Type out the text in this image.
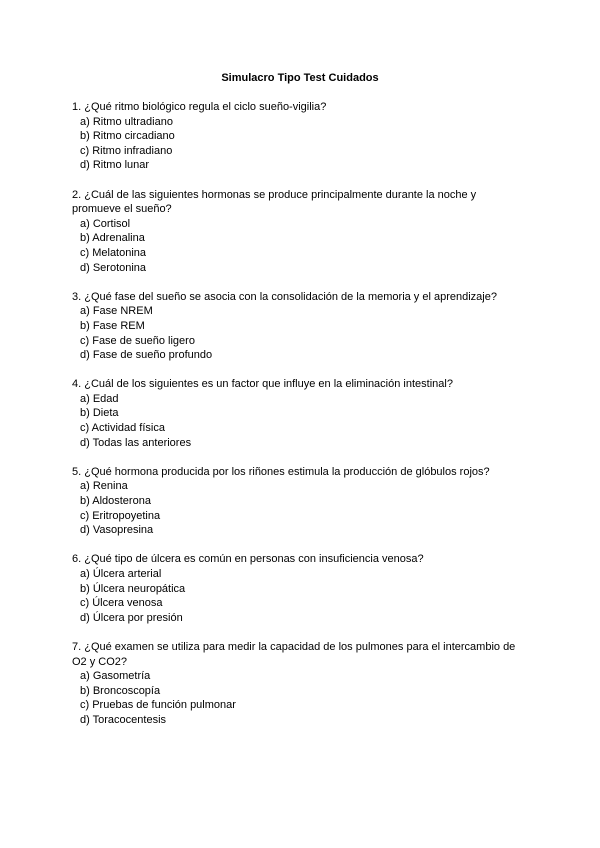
Simulacro Tipo Test Cuidados
1. ¿Qué ritmo biológico regula el ciclo sueño-vigilia?
a) Ritmo ultradiano
b) Ritmo circadiano
c) Ritmo infradiano
d) Ritmo lunar
2. ¿Cuál de las siguientes hormonas se produce principalmente durante la noche y promueve el sueño?
a) Cortisol
b) Adrenalina
c) Melatonina
d) Serotonina
3. ¿Qué fase del sueño se asocia con la consolidación de la memoria y el aprendizaje?
a) Fase NREM
b) Fase REM
c) Fase de sueño ligero
d) Fase de sueño profundo
4. ¿Cuál de los siguientes es un factor que influye en la eliminación intestinal?
a) Edad
b) Dieta
c) Actividad física
d) Todas las anteriores
5. ¿Qué hormona producida por los riñones estimula la producción de glóbulos rojos?
a) Renina
b) Aldosterona
c) Eritropoyetina
d) Vasopresina
6. ¿Qué tipo de úlcera es común en personas con insuficiencia venosa?
a) Úlcera arterial
b) Úlcera neuropática
c) Úlcera venosa
d) Úlcera por presión
7. ¿Qué examen se utiliza para medir la capacidad de los pulmones para el intercambio de O2 y CO2?
a) Gasometría
b) Broncoscopía
c) Pruebas de función pulmonar
d) Toracocentesis
